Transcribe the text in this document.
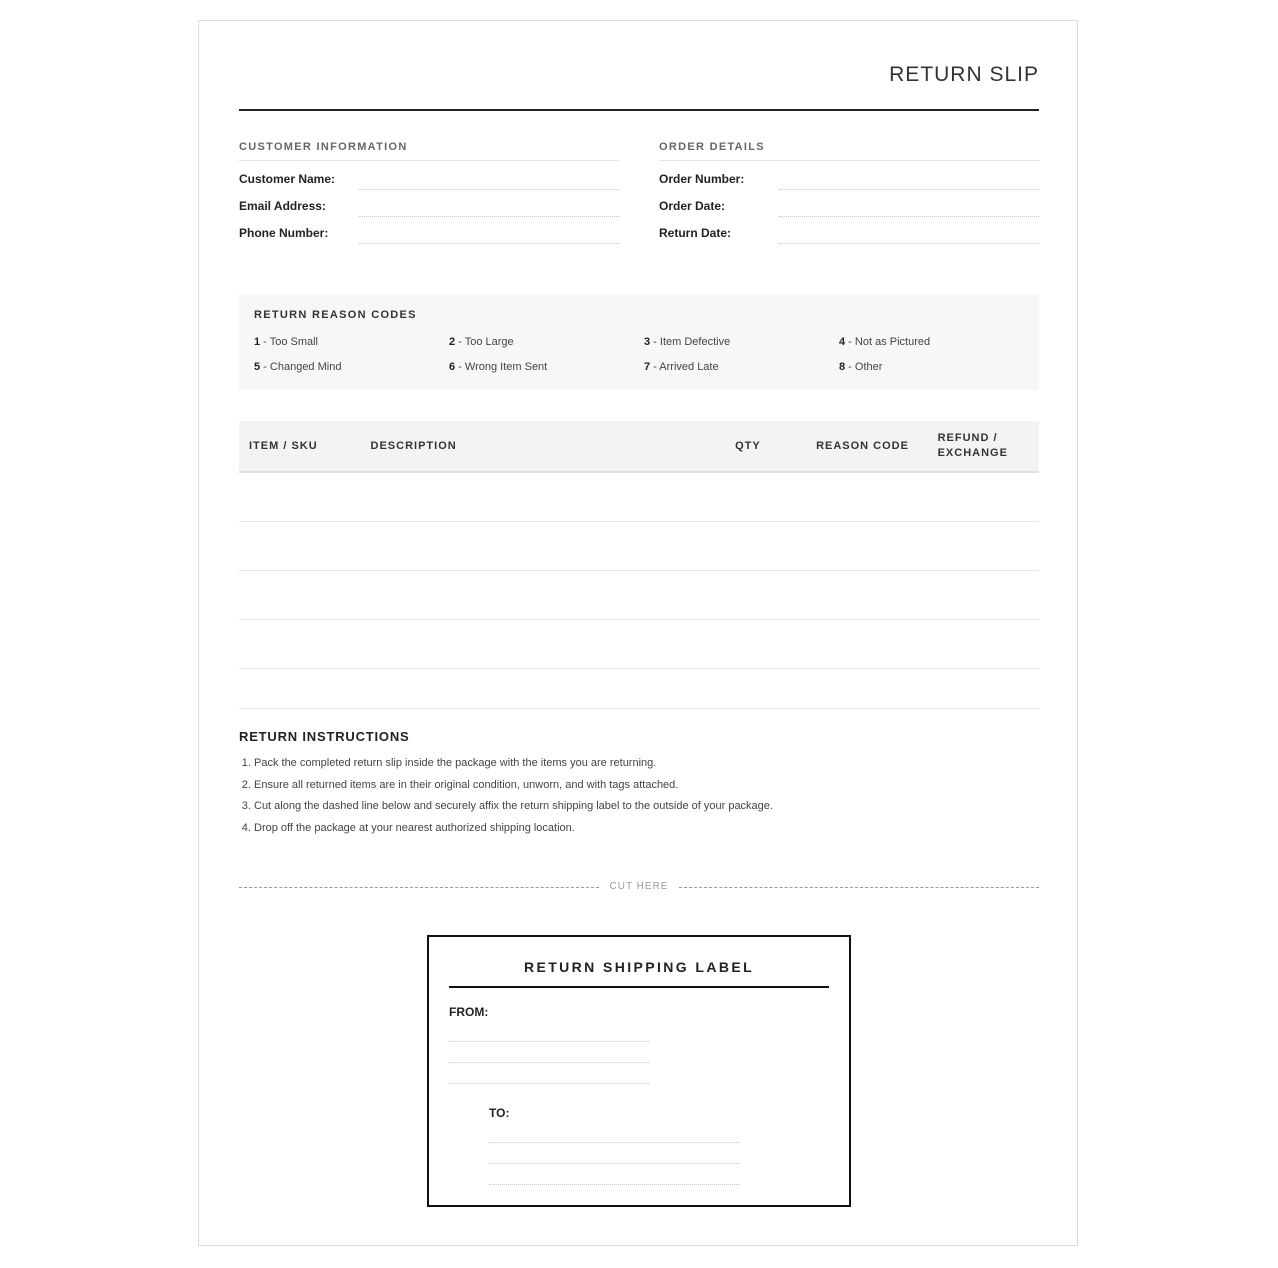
RETURN SLIP
CUSTOMER INFORMATION
Customer Name:
Email Address:
Phone Number:
ORDER DETAILS
Order Number:
Order Date:
Return Date:
RETURN REASON CODES
1 - Too Small	2 - Too Large	3 - Item Defective	4 - Not as Pictured
5 - Changed Mind	6 - Wrong Item Sent	7 - Arrived Late	8 - Other
ITEM / SKU	DESCRIPTION	QTY	REASON CODE	REFUND / EXCHANGE

RETURN INSTRUCTIONS
1. Pack the completed return slip inside the package with the items you are returning.
2. Ensure all returned items are in their original condition, unworn, and with tags attached.
3. Cut along the dashed line below and securely affix the return shipping label to the outside of your package.
4. Drop off the package at your nearest authorized shipping location.
CUT HERE
RETURN SHIPPING LABEL
FROM:
TO:
